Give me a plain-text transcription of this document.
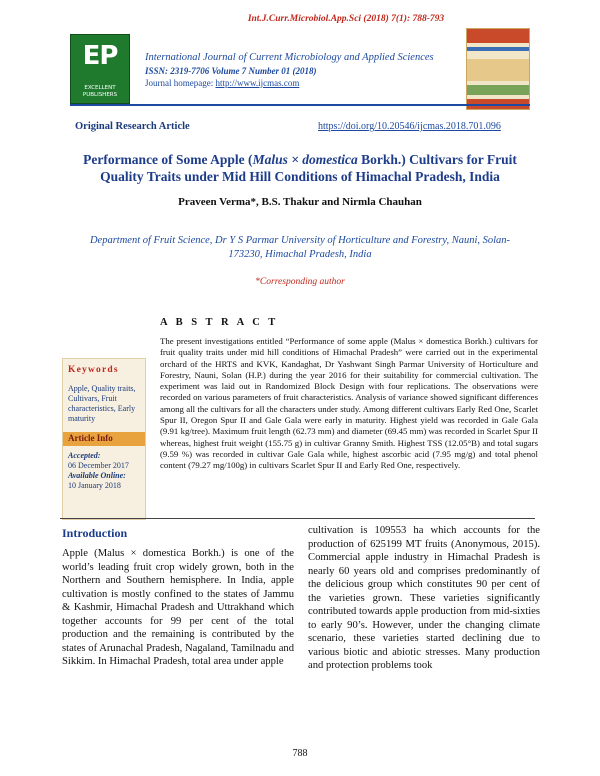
Int.J.Curr.Microbiol.App.Sci (2018) 7(1): 788-793
EP
EXCELLENT PUBLISHERS
International Journal of Current Microbiology and Applied Sciences
ISSN: 2319-7706 Volume 7 Number 01 (2018)
Journal homepage: http://www.ijcmas.com
Original Research Article	https://doi.org/10.20546/ijcmas.2018.701.096
Performance of Some Apple (Malus × domestica Borkh.) Cultivars for Fruit Quality Traits under Mid Hill Conditions of Himachal Pradesh, India
Praveen Verma*, B.S. Thakur and Nirmla Chauhan
Department of Fruit Science, Dr Y S Parmar University of Horticulture and Forestry, Nauni, Solan-173230, Himachal Pradesh, India
*Corresponding author
A B S T R A C T
Keywords
Apple, Quality traits, Cultivars, Fruit characteristics, Early maturity
Article Info
Accepted:
06 December 2017
Available Online:
10 January 2018
The present investigations entitled “Performance of some apple (Malus × domestica Borkh.) cultivars for fruit quality traits under mid hill conditions of Himachal Pradesh” were carried out in the experimental orchard of the HRTS and KVK, Kandaghat, Dr Yashwant Singh Parmar University of Horticulture and Forestry, Nauni, Solan (H.P.) during the year 2016 for their suitability for commercial cultivation. The experiment was laid out in Randomized Block Design with four replications. The observations were recorded on various parameters of fruit characteristics. Analysis of variance showed significant differences among all the cultivars for all the characters under study. Among different cultivars Early Red One, Scarlet Spur II, Oregon Spur II and Gale Gala were early in maturity. Highest yield was recorded in Gale Gala (9.91 kg/tree). Maximum fruit length (62.73 mm) and diameter (69.45 mm) was recorded in Scarlet Spur II whereas, highest fruit weight (155.75 g) in cultivar Granny Smith. Highest TSS (12.05°B) and total sugars (9.59 %) was recorded in cultivar Gale Gala while, highest ascorbic acid (7.95 mg/g) and total phenol content (79.27 mg/100g) in cultivars Scarlet Spur II and Early Red One, respectively.
Introduction
Apple (Malus × domestica Borkh.) is one of the world’s leading fruit crop widely grown, both in the Northern and Southern hemisphere. In India, apple cultivation is mostly confined to the states of Jammu & Kashmir, Himachal Pradesh and Uttrakhand which together accounts for 99 per cent of the total production and the remaining is contributed by the states of Arunachal Pradesh, Nagaland, Tamilnadu and Sikkim. In Himachal Pradesh, total area under apple
cultivation is 109553 ha which accounts for the production of 625199 MT fruits (Anonymous, 2015). Commercial apple industry in Himachal Pradesh is nearly 60 years old and comprises predominantly of the delicious group which constitutes 90 per cent of the varieties grown. These varieties significantly contributed towards apple production from mid-sixties to early 90’s. However, under the changing climate scenario, these varieties started declining due to various biotic and abiotic stresses. Many production and protection problems took
788
